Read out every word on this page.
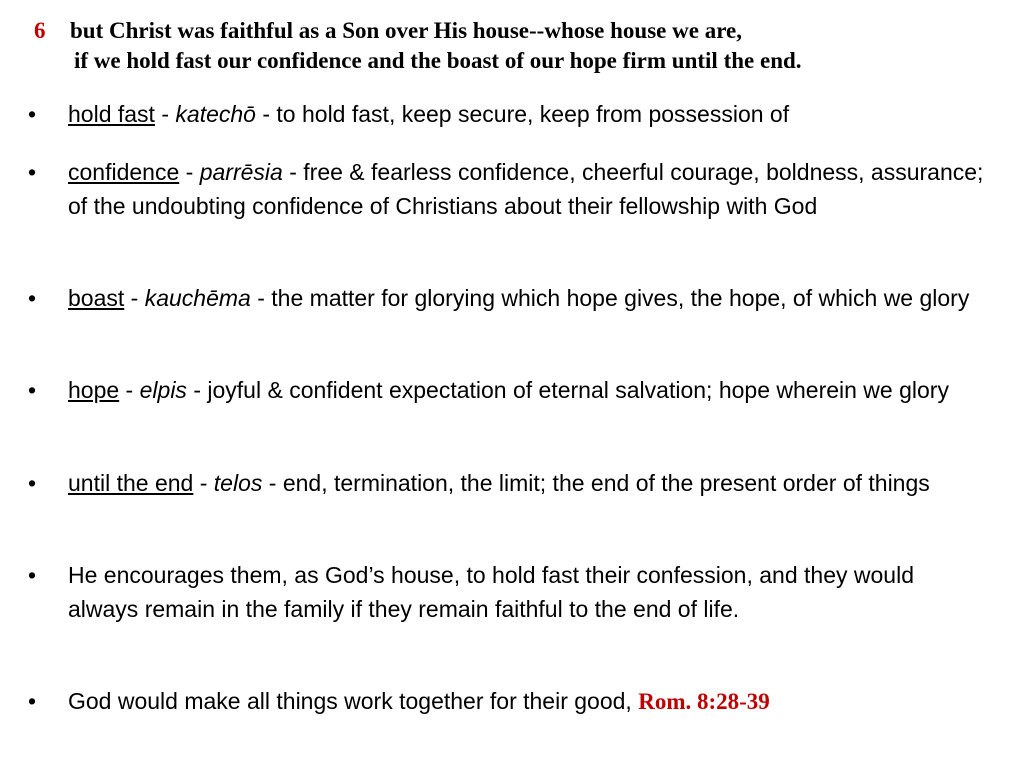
6 but Christ was faithful as a Son over His house--whose house we are,
if we hold fast our confidence and the boast of our hope firm until the end.
•	hold fast - katechō - to hold fast, keep secure, keep from possession of
•	confidence - parrēsia - free & fearless confidence, cheerful courage, boldness, assurance; of the undoubting confidence of Christians about their fellowship with God
•	boast - kauchēma - the matter for glorying which hope gives, the hope, of which we glory
•	hope - elpis - joyful & confident expectation of eternal salvation; hope wherein we glory
•	until the end - telos - end, termination, the limit; the end of the present order of things
•	He encourages them, as God’s house, to hold fast their confession, and they would always remain in the family if they remain faithful to the end of life.
•	God would make all things work together for their good, Rom. 8:28-39
